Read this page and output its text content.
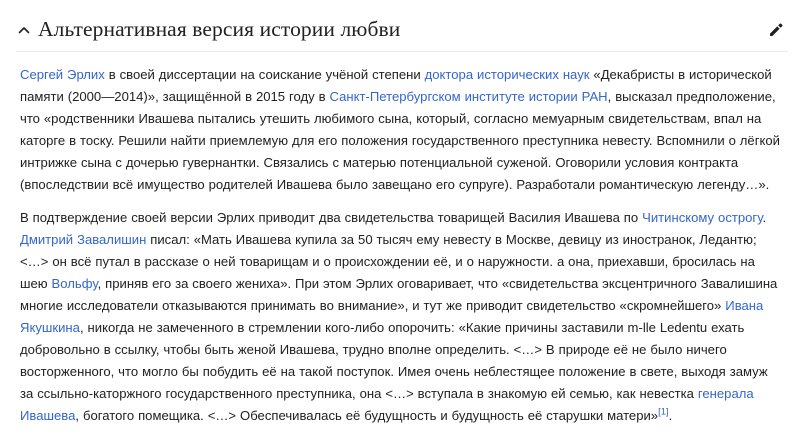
Альтернативная версия истории любви

Сергей Эрлих в своей диссертации на соискание учёной степени доктора исторических наук «Декабристы в исторической памяти (2000—2014)», защищённой в 2015 году в Санкт-Петербургском институте истории РАН, высказал предположение, что «родственники Ивашева пытались утешить любимого сына, который, согласно мемуарным свидетельствам, впал на каторге в тоску. Решили найти приемлемую для его положения государственного преступника невесту. Вспомнили о лёгкой интрижке сына с дочерью гувернантки. Связались с матерью потенциальной суженой. Оговорили условия контракта (впоследствии всё имущество родителей Ивашева было завещано его супруге). Разработали романтическую легенду…».

В подтверждение своей версии Эрлих приводит два свидетельства товарищей Василия Ивашева по Читинскому острогу. Дмитрий Завалишин писал: «Мать Ивашева купила за 50 тысяч ему невесту в Москве, девицу из иностранок, Ледантю; <…> он всё путал в рассказе о ней товарищам и о происхождении её, и о наружности. а она, приехавши, бросилась на шею Вольфу, приняв его за своего жениха». При этом Эрлих оговаривает, что «свидетельства эксцентричного Завалишина многие исследователи отказываются принимать во внимание», и тут же приводит свидетельство «скромнейшего» Ивана Якушкина, никогда не замеченного в стремлении кого-либо опорочить: «Какие причины заставили m-lle Ledentu ехать добровольно в ссылку, чтобы быть женой Ивашева, трудно вполне определить. <…> В природе её не было ничего восторженного, что могло бы побудить её на такой поступок. Имея очень неблестящее положение в свете, выходя замуж за ссыльно-каторжного государственного преступника, она <…> вступала в знакомую ей семью, как невестка генерала Ивашева, богатого помещика. <…> Обеспечивалась её будущность и будущность её старушки матери»[1].
